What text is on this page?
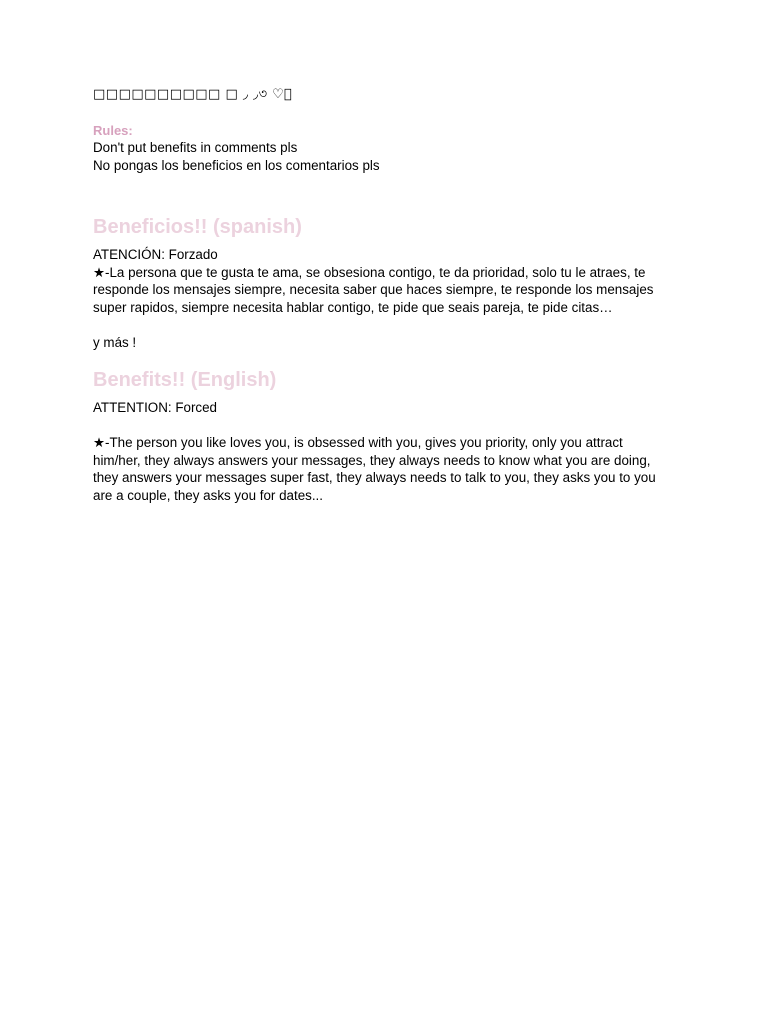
□□□□□□□□□□ □ ◞ ◞৩ ♡⃞

Rules:

Don't put benefits in comments pls

No pongas los beneficios en los comentarios pls

Beneficios!! (spanish)

ATENCIÓN: Forzado

★-La persona que te gusta te ama, se obsesiona contigo, te da prioridad, solo tu le atraes, te responde los mensajes siempre, necesita saber que haces siempre, te responde los mensajes super rapidos, siempre necesita hablar contigo, te pide que seais pareja, te pide citas…

y más !

Benefits!! (English)

ATTENTION: Forced

★-The person you like loves you, is obsessed with you, gives you priority, only you attract him/her, they always answers your messages, they always needs to know what you are doing, they answers your messages super fast, they always needs to talk to you, they asks you to you are a couple, they asks you for dates...
